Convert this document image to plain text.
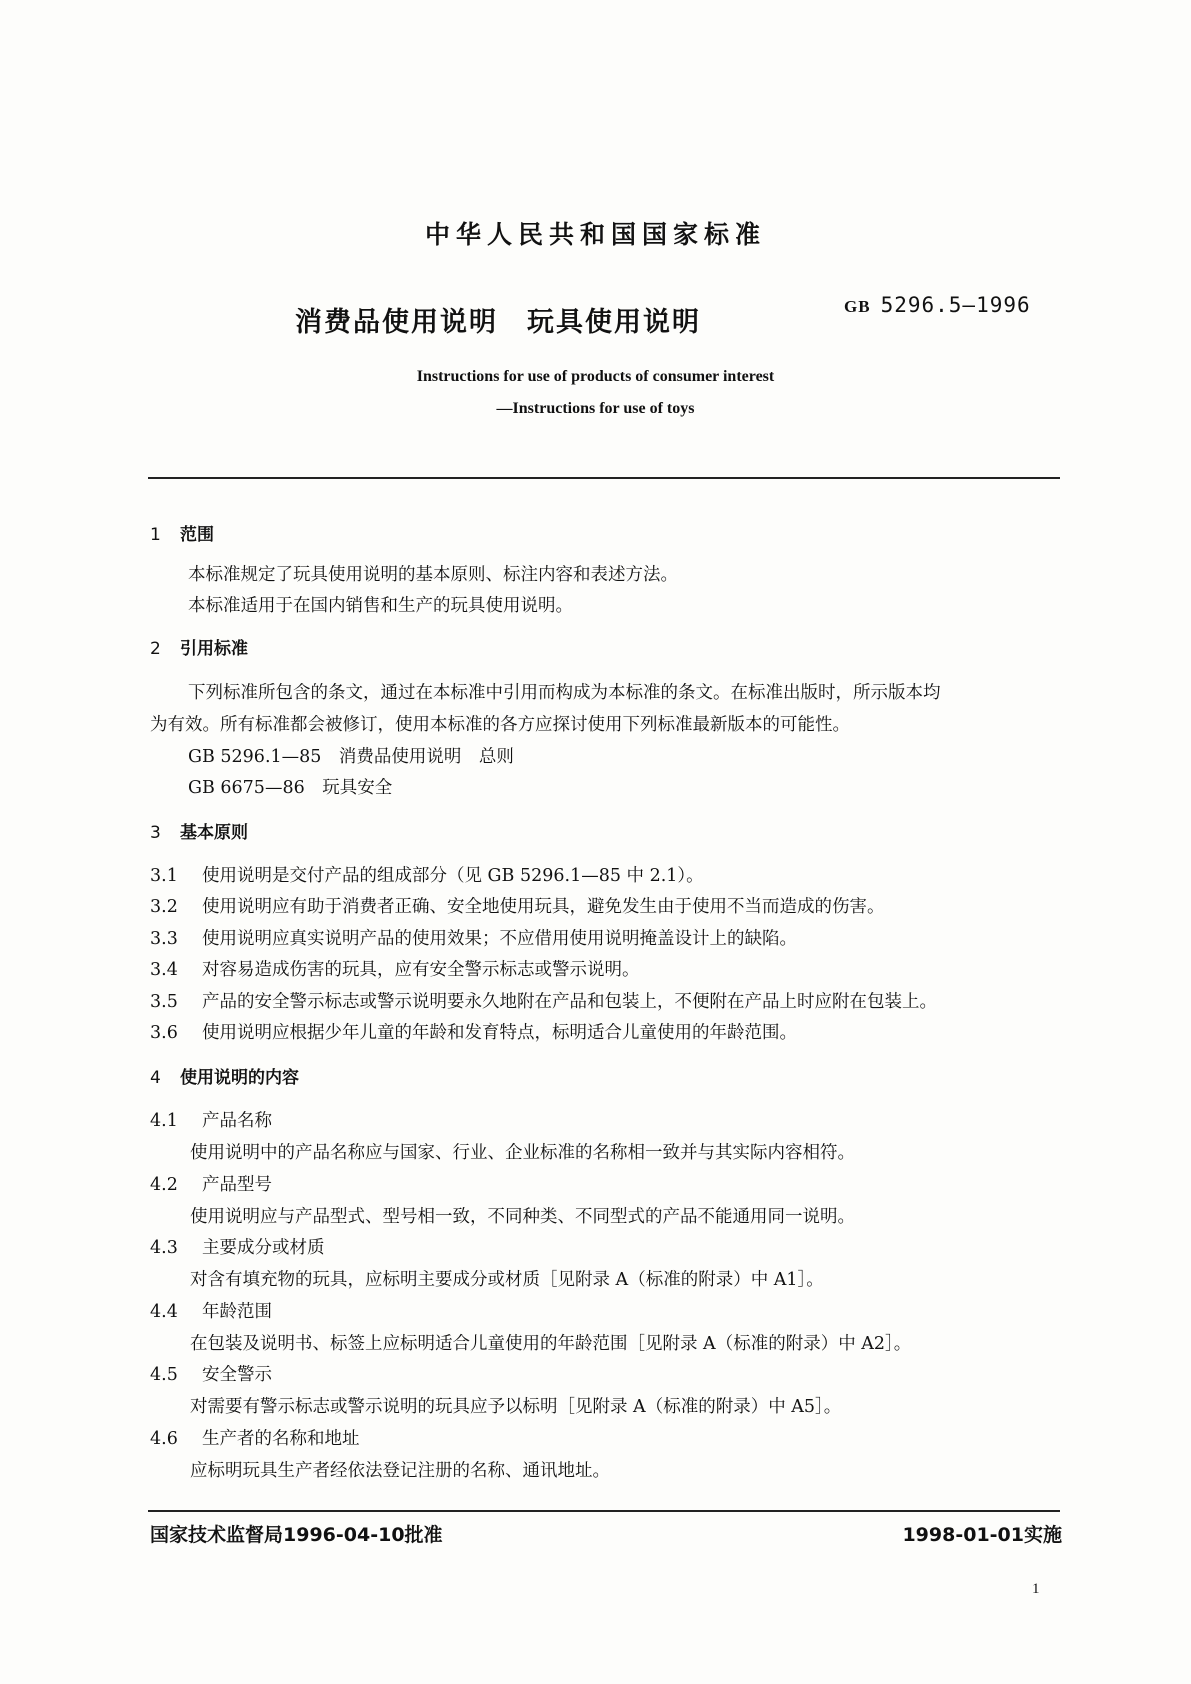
中华人民共和国国家标准
GB 5296.5—1996
消费品使用说明　玩具使用说明
Instructions for use of products of consumer interest
—Instructions for use of toys
1 范围
本标准规定了玩具使用说明的基本原则、标注内容和表述方法。
本标准适用于在国内销售和生产的玩具使用说明。
2 引用标准
下列标准所包含的条文，通过在本标准中引用而构成为本标准的条文。在标准出版时，所示版本均
为有效。所有标准都会被修订，使用本标准的各方应探讨使用下列标准最新版本的可能性。
GB 5296.1—85　消费品使用说明　总则
GB 6675—86　玩具安全
3 基本原则
3.1 使用说明是交付产品的组成部分（见 GB 5296.1—85 中 2.1）。
3.2 使用说明应有助于消费者正确、安全地使用玩具，避免发生由于使用不当而造成的伤害。
3.3 使用说明应真实说明产品的使用效果；不应借用使用说明掩盖设计上的缺陷。
3.4 对容易造成伤害的玩具，应有安全警示标志或警示说明。
3.5 产品的安全警示标志或警示说明要永久地附在产品和包装上，不便附在产品上时应附在包装上。
3.6 使用说明应根据少年儿童的年龄和发育特点，标明适合儿童使用的年龄范围。
4 使用说明的内容
4.1 产品名称
使用说明中的产品名称应与国家、行业、企业标准的名称相一致并与其实际内容相符。
4.2 产品型号
使用说明应与产品型式、型号相一致，不同种类、不同型式的产品不能通用同一说明。
4.3 主要成分或材质
对含有填充物的玩具，应标明主要成分或材质［见附录 A（标准的附录）中 A1］。
4.4 年龄范围
在包装及说明书、标签上应标明适合儿童使用的年龄范围［见附录 A（标准的附录）中 A2］。
4.5 安全警示
对需要有警示标志或警示说明的玩具应予以标明［见附录 A（标准的附录）中 A5］。
4.6 生产者的名称和地址
应标明玩具生产者经依法登记注册的名称、通讯地址。
国家技术监督局1996-04-10批准	1998-01-01实施
1
